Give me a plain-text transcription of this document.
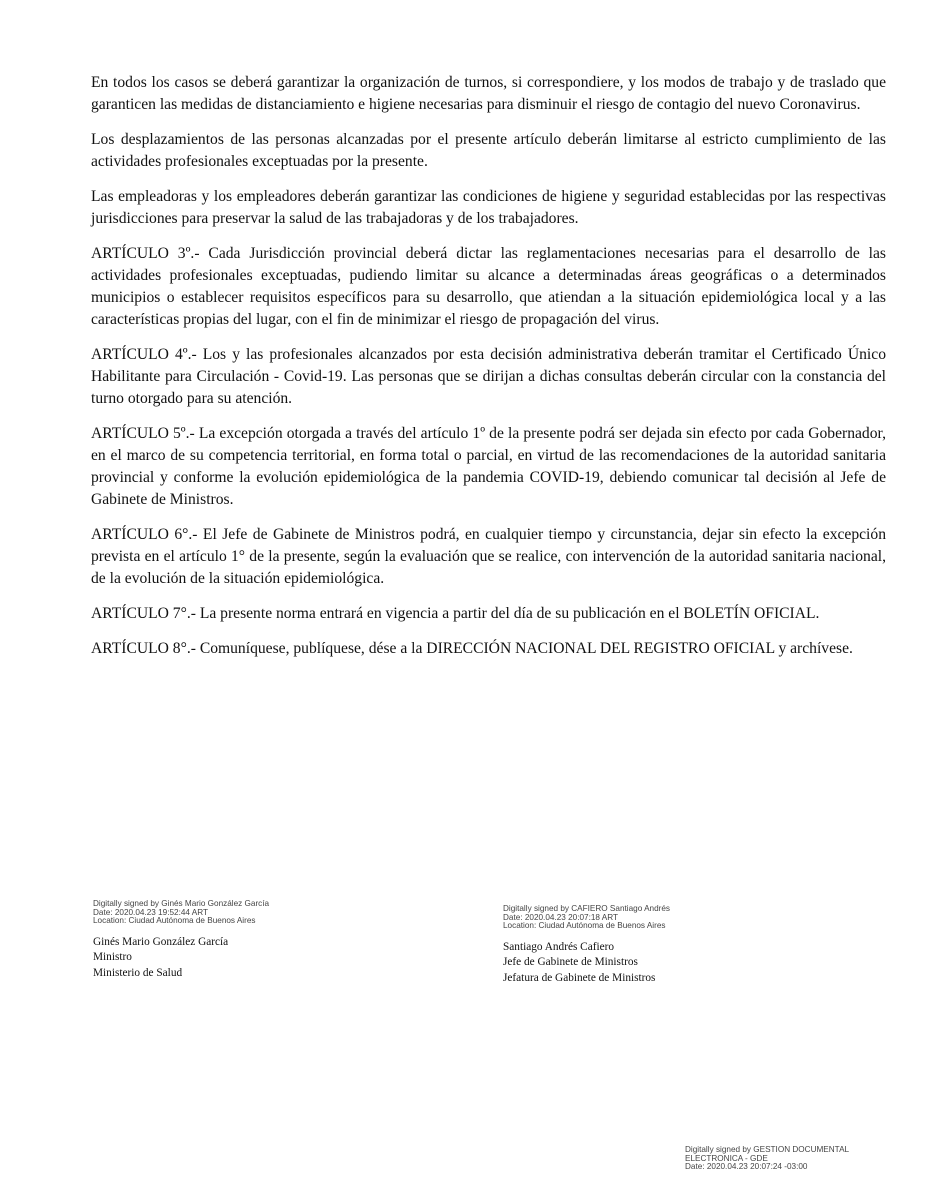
En todos los casos se deberá garantizar la organización de turnos, si correspondiere, y los modos de trabajo y de traslado que garanticen las medidas de distanciamiento e higiene necesarias para disminuir el riesgo de contagio del nuevo Coronavirus.

Los desplazamientos de las personas alcanzadas por el presente artículo deberán limitarse al estricto cumplimiento de las actividades profesionales exceptuadas por la presente.

Las empleadoras y los empleadores deberán garantizar las condiciones de higiene y seguridad establecidas por las respectivas jurisdicciones para preservar la salud de las trabajadoras y de los trabajadores.

ARTÍCULO 3º.- Cada Jurisdicción provincial deberá dictar las reglamentaciones necesarias para el desarrollo de las actividades profesionales exceptuadas, pudiendo limitar su alcance a determinadas áreas geográficas o a determinados municipios o establecer requisitos específicos para su desarrollo, que atiendan a la situación epidemiológica local y a las características propias del lugar, con el fin de minimizar el riesgo de propagación del virus.

ARTÍCULO 4º.- Los y las profesionales alcanzados por esta decisión administrativa deberán tramitar el Certificado Único Habilitante para Circulación - Covid-19. Las personas que se dirijan a dichas consultas deberán circular con la constancia del turno otorgado para su atención.

ARTÍCULO 5º.- La excepción otorgada a través del artículo 1º de la presente podrá ser dejada sin efecto por cada Gobernador, en el marco de su competencia territorial, en forma total o parcial, en virtud de las recomendaciones de la autoridad sanitaria provincial y conforme la evolución epidemiológica de la pandemia COVID-19, debiendo comunicar tal decisión al Jefe de Gabinete de Ministros.

ARTÍCULO 6°.- El Jefe de Gabinete de Ministros podrá, en cualquier tiempo y circunstancia, dejar sin efecto la excepción prevista en el artículo 1° de la presente, según la evaluación que se realice, con intervención de la autoridad sanitaria nacional, de la evolución de la situación epidemiológica.

ARTÍCULO 7°.- La presente norma entrará en vigencia a partir del día de su publicación en el BOLETÍN OFICIAL.

ARTÍCULO 8°.- Comuníquese, publíquese, dése a la DIRECCIÓN NACIONAL DEL REGISTRO OFICIAL y archívese.

Digitally signed by Ginés Mario González García
Date: 2020.04.23 19:52:44 ART
Location: Ciudad Autónoma de Buenos Aires
Ginés Mario González García
Ministro
Ministerio de Salud
Digitally signed by CAFIERO Santiago Andrés
Date: 2020.04.23 20:07:18 ART
Location: Ciudad Autónoma de Buenos Aires
Santiago Andrés Cafiero
Jefe de Gabinete de Ministros
Jefatura de Gabinete de Ministros
Digitally signed by GESTION DOCUMENTAL
ELECTRONICA - GDE
Date: 2020.04.23 20:07:24 -03:00
